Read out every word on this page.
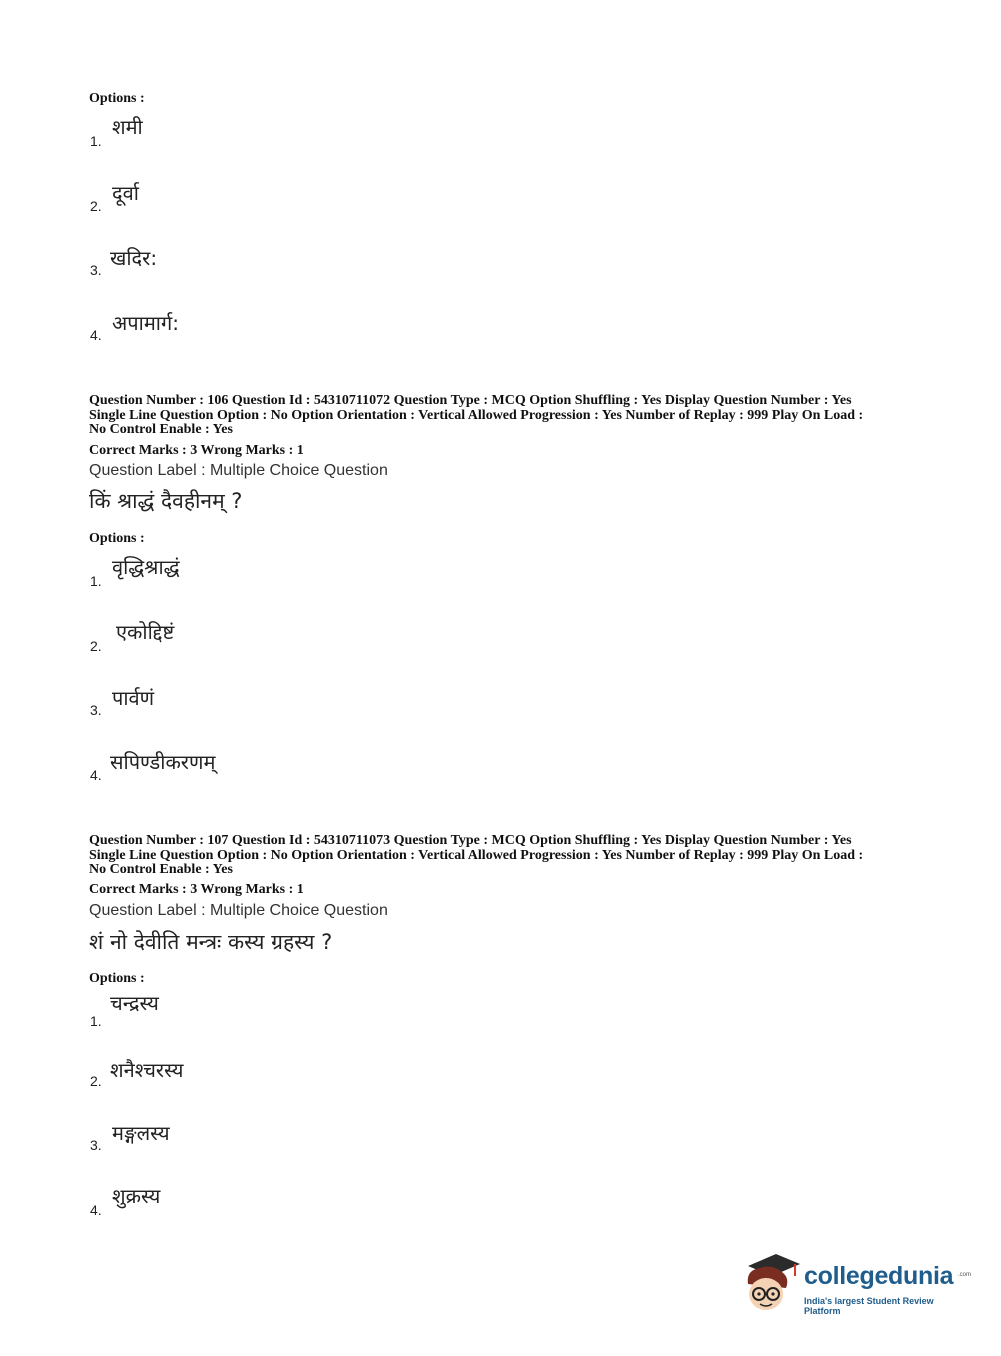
Options :
1.
शमी
2.
दूर्वा
3. खदिर:
4. अपामार्ग:
Question Number : 106 Question Id : 54310711072 Question Type : MCQ Option Shuffling : Yes Display Question Number : Yes
Single Line Question Option : No Option Orientation : Vertical Allowed Progression : Yes Number of Replay : 999 Play On Load :
No Control Enable : Yes
Correct Marks : 3 Wrong Marks : 1
Question Label : Multiple Choice Question
किं श्राद्धं दैवहीनम् ?
Options :
1.
वृद्धिश्राद्धं
2.
एकोद्दिष्टं
3. पार्वणं
4.
सपिण्डीकरणम्
Question Number : 107 Question Id : 54310711073 Question Type : MCQ Option Shuffling : Yes Display Question Number : Yes
Single Line Question Option : No Option Orientation : Vertical Allowed Progression : Yes Number of Replay : 999 Play On Load :
No Control Enable : Yes
Correct Marks : 3 Wrong Marks : 1
Question Label : Multiple Choice Question
शं नो देवीति मन्त्रः कस्य ग्रहस्य ?
Options :
1.
चन्द्रस्य
2. शनैश्चरस्य
3. मङ्गलस्य
4.
शुक्रस्य
collegedunia .com
India's largest Student Review Platform
